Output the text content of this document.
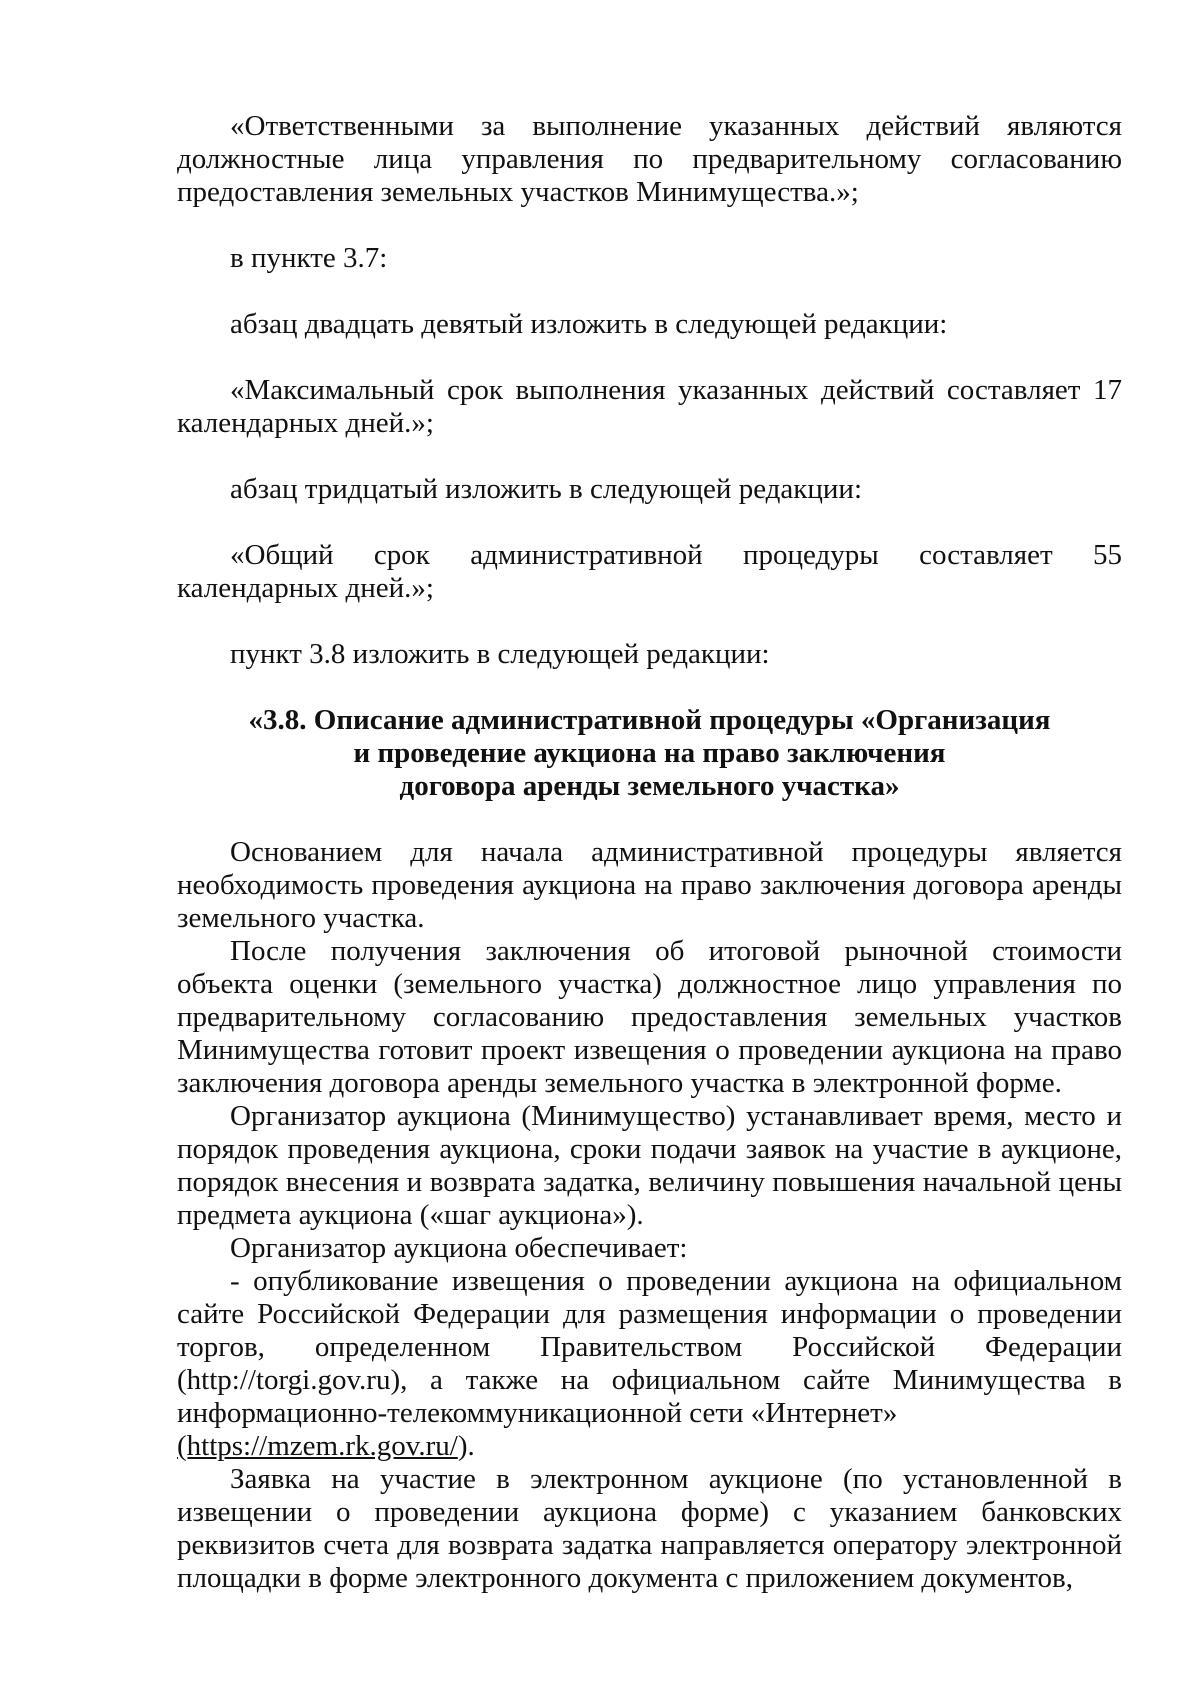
«Ответственными за выполнение указанных действий являются должностные лица управления по предварительному согласованию предоставления земельных участков Минимущества.»;

в пункте 3.7:

абзац двадцать девятый изложить в следующей редакции:

«Максимальный срок выполнения указанных действий составляет 17 календарных дней.»;

абзац тридцатый изложить в следующей редакции:

«Общий срок административной процедуры составляет 55 календарных дней.»;

пункт 3.8 изложить в следующей редакции:

«3.8. Описание административной процедуры «Организация
и проведение аукциона на право заключения
договора аренды земельного участка»

Основанием для начала административной процедуры является необходимость проведения аукциона на право заключения договора аренды земельного участка.

После получения заключения об итоговой рыночной стоимости объекта оценки (земельного участка) должностное лицо управления по предварительному согласованию предоставления земельных участков Минимущества готовит проект извещения о проведении аукциона на право заключения договора аренды земельного участка в электронной форме.

Организатор аукциона (Минимущество) устанавливает время, место и порядок проведения аукциона, сроки подачи заявок на участие в аукционе, порядок внесения и возврата задатка, величину повышения начальной цены предмета аукциона («шаг аукциона»).

Организатор аукциона обеспечивает:

- опубликование извещения о проведении аукциона на официальном сайте Российской Федерации для размещения информации о проведении торгов, определенном Правительством Российской Федерации (http://torgi.gov.ru), а также на официальном сайте Минимущества в информационно-телекоммуникационной сети «Интернет»
(https://mzem.rk.gov.ru/).

Заявка на участие в электронном аукционе (по установленной в извещении о проведении аукциона форме) с указанием банковских реквизитов счета для возврата задатка направляется оператору электронной площадки в форме электронного документа с приложением документов,
